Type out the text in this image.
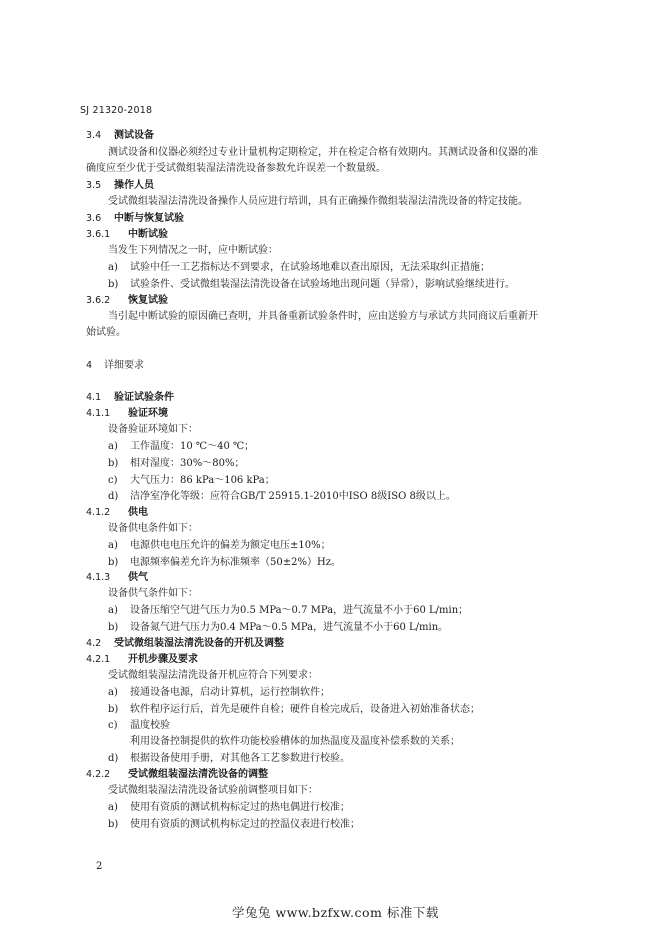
SJ 21320-2018
3.4 测试设备
测试设备和仪器必须经过专业计量机构定期检定，并在检定合格有效期内。其测试设备和仪器的准
确度应至少优于受试微组装湿法清洗设备参数允许误差一个数量级。
3.5 操作人员
受试微组装湿法清洗设备操作人员应进行培训，具有正确操作微组装湿法清洗设备的特定技能。
3.6 中断与恢复试验
3.6.1 中断试验
当发生下列情况之一时，应中断试验：
a) 试验中任一工艺指标达不到要求，在试验场地难以查出原因，无法采取纠正措施；
b) 试验条件、受试微组装湿法清洗设备在试验场地出现问题（异常），影响试验继续进行。
3.6.2 恢复试验
当引起中断试验的原因确已查明，并具备重新试验条件时，应由送验方与承试方共同商议后重新开
始试验。
4 详细要求
4.1 验证试验条件
4.1.1 验证环境
设备验证环境如下：
a) 工作温度：10 ℃～40 ℃；
b) 相对湿度：30%～80%；
c) 大气压力：86 kPa～106 kPa；
d) 洁净室净化等级：应符合GB/T 25915.1-2010中ISO 8级ISO 8级以上。
4.1.2 供电
设备供电条件如下：
a) 电源供电电压允许的偏差为额定电压±10%；
b) 电源频率偏差允许为标准频率（50±2%）Hz。
4.1.3 供气
设备供气条件如下：
a) 设备压缩空气进气压力为0.5 MPa～0.7 MPa，进气流量不小于60 L/min；
b) 设备氮气进气压力为0.4 MPa～0.5 MPa，进气流量不小于60 L/min。
4.2 受试微组装湿法清洗设备的开机及调整
4.2.1 开机步骤及要求
受试微组装湿法清洗设备开机应符合下列要求：
a) 接通设备电源，启动计算机，运行控制软件；
b) 软件程序运行后，首先是硬件自检；硬件自检完成后，设备进入初始准备状态；
c) 温度校验
利用设备控制提供的软件功能校验槽体的加热温度及温度补偿系数的关系；
d) 根据设备使用手册，对其他各工艺参数进行校验。
4.2.2 受试微组装湿法清洗设备的调整
受试微组装湿法清洗设备试验前调整项目如下：
a) 使用有资质的测试机构标定过的热电偶进行校准；
b) 使用有资质的测试机构标定过的控温仪表进行校准；
2
学兔兔 www.bzfxw.com 标准下载
